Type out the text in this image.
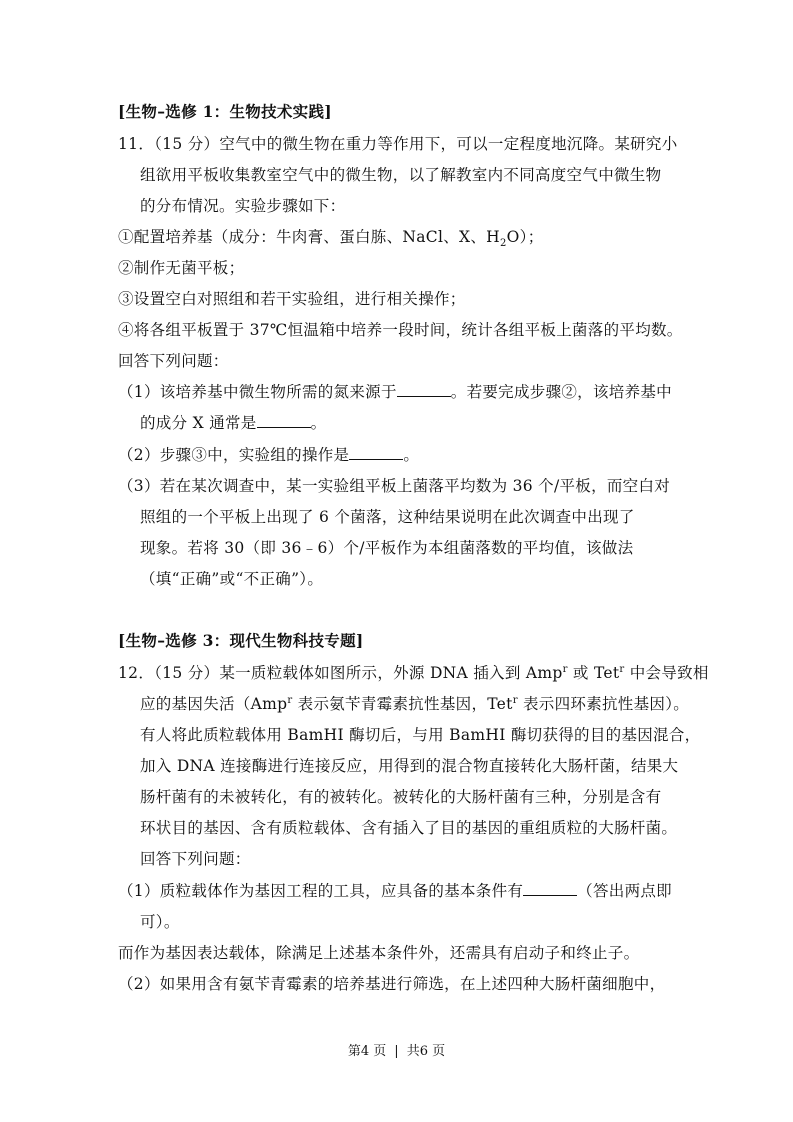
[生物–选修 1：生物技术实践]
11．（15 分）空气中的微生物在重力等作用下，可以一定程度地沉降。某研究小
组欲用平板收集教室空气中的微生物，以了解教室内不同高度空气中微生物
的分布情况。实验步骤如下：
①配置培养基（成分：牛肉膏、蛋白胨、NaCl、X、$H_2O$）；
②制作无菌平板；
③设置空白对照组和若干实验组，进行相关操作；
④将各组平板置于 37℃恒温箱中培养一段时间，统计各组平板上菌落的平均数。
回答下列问题：
（1）该培养基中微生物所需的氮来源于	。若要完成步骤②，该培养基中
的成分 X 通常是	。
（2）步骤③中，实验组的操作是	。
（3）若在某次调查中，某一实验组平板上菌落平均数为 36 个/平板，而空白对
照组的一个平板上出现了 6 个菌落，这种结果说明在此次调查中出现了
现象。若将 30（即 36﹣6）个/平板作为本组菌落数的平均值，该做法
（填“正确”或“不正确”）。
[生物–选修 3：现代生物科技专题]
12．（15 分）某一质粒载体如图所示，外源 DNA 插入到 Amp$^r$ 或 Tet$^r$ 中会导致相
应的基因失活（Amp$^r$ 表示氨苄青霉素抗性基因，Tet$^r$ 表示四环素抗性基因）。
有人将此质粒载体用 BamHI 酶切后，与用 BamHI 酶切获得的目的基因混合，
加入 DNA 连接酶进行连接反应，用得到的混合物直接转化大肠杆菌，结果大
肠杆菌有的未被转化，有的被转化。被转化的大肠杆菌有三种，分别是含有
环状目的基因、含有质粒载体、含有插入了目的基因的重组质粒的大肠杆菌。
回答下列问题：
（1）质粒载体作为基因工程的工具，应具备的基本条件有	（答出两点即
可）。
而作为基因表达载体，除满足上述基本条件外，还需具有启动子和终止子。
（2）如果用含有氨苄青霉素的培养基进行筛选，在上述四种大肠杆菌细胞中，
第4 页 | 共6 页
